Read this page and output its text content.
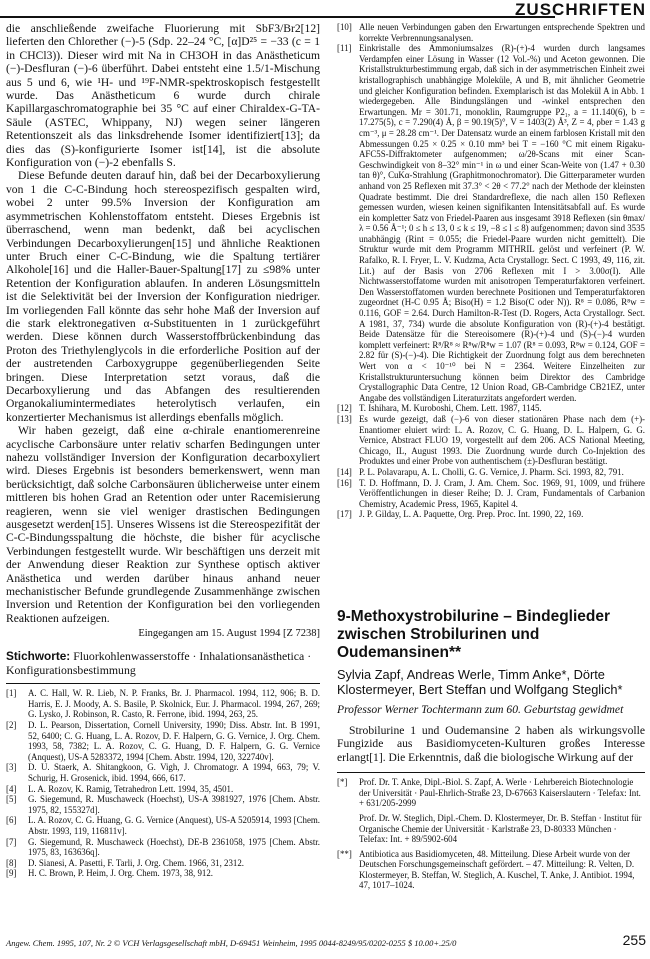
ZUSCHRIFTEN

die anschließende zweifache Fluorierung mit SbF3/Br2[12] lieferten den Chlorether (−)-5 (Sdp. 22–24 °C, [α]D²⁵ = −33 (c = 1 in CHCl3)). Dieser wird mit Na in CH3OH in das Anästheticum (−)-Desfluran (−)-6 überführt. Dabei entsteht eine 1.5/1-Mischung aus 5 und 6, wie ¹H- und ¹⁹F-NMR-spektroskopisch festgestellt wurde. Das Anästheticum 6 wurde durch chirale Kapillargaschromatographie bei 35 °C auf einer Chiraldex-G-TA-Säule (ASTEC, Whippany, NJ) wegen seiner längeren Retentionszeit als das linksdrehende Isomer identifiziert[13]; da dies das (S)-konfigurierte Isomer ist[14], ist die absolute Konfiguration von (−)-2 ebenfalls S.

Diese Befunde deuten darauf hin, daß bei der Decarboxylierung von 1 die C-C-Bindung hoch stereospezifisch gespalten wird, wobei 2 unter 99.5% Inversion der Konfiguration am asymmetrischen Kohlenstoffatom entsteht. Dieses Ergebnis ist überraschend, wenn man bedenkt, daß bei acyclischen Verbindungen Decarboxylierungen[15] und ähnliche Reaktionen unter Bruch einer C-C-Bindung, wie die Spaltung tertiärer Alkohole[16] und die Haller-Bauer-Spaltung[17] zu ≤98% unter Retention der Konfiguration ablaufen. In anderen Lösungsmitteln ist die Selektivität bei der Inversion der Konfiguration niedriger. Im vorliegenden Fall könnte das sehr hohe Maß der Inversion auf die stark elektronegativen α-Substituenten in 1 zurückgeführt werden. Diese können durch Wasserstoffbrückenbindung das Proton des Triethylenglycols in die erforderliche Position auf der der austretenden Carboxygruppe gegenüberliegenden Seite bringen. Diese Interpretation setzt voraus, daß die Decarboxylierung und das Abfangen des resultierenden Organokaliumintermediates heterolytisch verlaufen, ein konzertierter Mechanismus ist allerdings ebenfalls möglich.

Wir haben gezeigt, daß eine α-chirale enantiomerenreine acyclische Carbonsäure unter relativ scharfen Bedingungen unter nahezu vollständiger Inversion der Konfiguration decarboxyliert wird. Dieses Ergebnis ist besonders bemerkenswert, wenn man berücksichtigt, daß solche Carbonsäuren üblicherweise unter einem mittleren bis hohen Grad an Retention oder unter Racemisierung reagieren, wenn sie viel weniger drastischen Bedingungen ausgesetzt werden[15]. Unseres Wissens ist die Stereospezifität der C-C-Bindungsspaltung die höchste, die bisher für acyclische Verbindungen festgestellt wurde. Wir beschäftigen uns derzeit mit der Anwendung dieser Reaktion zur Synthese optisch aktiver Anästhetica und werden darüber hinaus anhand neuer mechanistischer Befunde grundlegende Zusammenhänge zwischen Inversion und Retention der Konfiguration bei den vorliegenden Reaktionen aufzeigen.

Eingegangen am 15. August 1994 [Z 7238]
Stichworte: Fluorkohlenwasserstoffe · Inhalationsanästhetica · Konfigurationsbestimmung
[1] A. C. Hall, W. R. Lieb, N. P. Franks, Br. J. Pharmacol. 1994, 112, 906; B. D. Harris, E. J. Moody, A. S. Basile, P. Skolnick, Eur. J. Pharmacol. 1994, 267, 269; G. Lysko, J. Robinson, R. Casto, R. Ferrone, ibid. 1994, 263, 25.
[2] D. L. Pearson, Dissertation, Cornell University, 1990; Diss. Abstr. Int. B 1991, 52, 6400; C. G. Huang, L. A. Rozov, D. F. Halpern, G. G. Vernice, J. Org. Chem. 1993, 58, 7382; L. A. Rozov, C. G. Huang, D. F. Halpern, G. G. Vernice (Anquest), US-A 5283372, 1994 [Chem. Abstr. 1994, 120, 322740v].
[3] D. U. Staerk, A. Shitangkoon, G. Vigh, J. Chromatogr. A 1994, 663, 79; V. Schurig, H. Grosenick, ibid. 1994, 666, 617.
[4] L. A. Rozov, K. Ramig, Tetrahedron Lett. 1994, 35, 4501.
[5] G. Siegemund, R. Muschaweck (Hoechst), US-A 3981927, 1976 [Chem. Abstr. 1975, 82, 155327d].
[6] L. A. Rozov, C. G. Huang, G. G. Vernice (Anquest), US-A 5205914, 1993 [Chem. Abstr. 1993, 119, 116811v].
[7] G. Siegemund, R. Muschaweck (Hoechst), DE-B 2361058, 1975 [Chem. Abstr. 1975, 83, 163636q].
[8] D. Sianesi, A. Pasetti, F. Tarli, J. Org. Chem. 1966, 31, 2312.
[9] H. C. Brown, P. Heim, J. Org. Chem. 1973, 38, 912.
[10] Alle neuen Verbindungen gaben den Erwartungen entsprechende Spektren und korrekte Verbrennungsanalysen.
[11] Einkristalle des Ammoniumsalzes (R)-(+)-4 wurden durch langsames Verdampfen einer Lösung in Wasser (12 Vol.-%) und Aceton gewonnen. Die Kristallstrukturbestimmung ergab, daß sich in der asymmetrischen Einheit zwei kristallographisch unabhängige Moleküle, A und B, mit ähnlicher Geometrie und gleicher Konfiguration befinden. Exemplarisch ist das Molekül A in Abb. 1 wiedergegeben. Alle Bindungslängen und -winkel entsprechen den Erwartungen. Mr = 301.71, monoklin, Raumgruppe P2₁, a = 11.140(6), b = 17.275(5), c = 7.290(4) Å, β = 90.19(5)°, V = 1403(2) Å³, Z = 4, ρber = 1.43 g cm⁻³, μ = 28.28 cm⁻¹. Der Datensatz wurde an einem farblosen Kristall mit den Abmessungen 0.25 × 0.25 × 0.10 mm³ bei T = −160 °C mit einem Rigaku-AFC5S-Diffraktometer aufgenommen; ω/2θ-Scans mit einer Scan-Geschwindigkeit von 8–32° min⁻¹ in ω und einer Scan-Weite von (1.47 + 0.30 tan θ)°, CuKα-Strahlung (Graphitmonochromator). Die Gitterparameter wurden anhand von 25 Reflexen mit 37.3° < 2θ < 77.2° nach der Methode der kleinsten Quadrate bestimmt. Die drei Standardreflexe, die nach allen 150 Reflexen gemessen wurden, wiesen keinen signifikanten Intensitätsabfall auf. Es wurde ein kompletter Satz von Friedel-Paaren aus insgesamt 3918 Reflexen (sin θmax/λ = 0.56 Å⁻¹; 0 ≤ h ≤ 13, 0 ≤ k ≤ 19, −8 ≤ l ≤ 8) aufgenommen; davon sind 3535 unabhängig (Rint = 0.055; die Friedel-Paare wurden nicht gemittelt). Die Struktur wurde mit dem Programm MITHRIL gelöst und verfeinert (P. W. Rafalko, R. I. Fryer, L. V. Kudzma, Acta Crystallogr. Sect. C 1993, 49, 116, zit. Lit.) auf der Basis von 2706 Reflexen mit I > 3.00σ(I). Alle Nichtwasserstoffatome wurden mit anisotropen Temperaturfaktoren verfeinert. Den Wasserstoffatomen wurden berechnete Positionen und Temperaturfaktoren zugeordnet (H-C 0.95 Å; Biso(H) = 1.2 Biso(C oder N)). R⁸ = 0.086, R⁸w = 0.116, GOF = 2.64. Durch Hamilton-R-Test (D. Rogers, Acta Crystallogr. Sect. A 1981, 37, 734) wurde die absolute Konfiguration von (R)-(+)-4 bestätigt. Beide Datensätze für die Stereoisomere (R)-(+)-4 und (S)-(−)-4 wurden komplett verfeinert: R⁸/R⁸ ≈ R⁸w/R⁸w = 1.07 (R⁸ = 0.093, R⁸w = 0.124, GOF = 2.82 für (S)-(−)-4). Die Richtigkeit der Zuordnung folgt aus dem berechneten Wert von α < 10⁻¹⁰ bei N = 2364. Weitere Einzelheiten zur Kristallstrukturuntersuchung können beim Direktor des Cambridge Crystallographic Data Centre, 12 Union Road, GB-Cambridge CB21EZ, unter Angabe des vollständigen Literaturzitats angefordert werden.
[12] T. Ishihara, M. Kuroboshi, Chem. Lett. 1987, 1145.
[13] Es wurde gezeigt, daß (−)-6 von dieser stationären Phase nach dem (+)-Enantiomer eluiert wird: L. A. Rozov, C. G. Huang, D. L. Halpern, G. G. Vernice, Abstract FLUO 19, vorgestellt auf dem 206. ACS National Meeting, Chicago, IL, August 1993. Die Zuordnung wurde durch Co-Injektion des Produktes und einer Probe von authentischem (±)-Desfluran bestätigt.
[14] P. L. Polavarapu, A. L. Cholli, G. G. Vernice, J. Pharm. Sci. 1993, 82, 791.
[16] T. D. Hoffmann, D. J. Cram, J. Am. Chem. Soc. 1969, 91, 1009, und frühere Veröffentlichungen in dieser Reihe; D. J. Cram, Fundamentals of Carbanion Chemistry, Academic Press, 1965, Kapitel 4.
[17] J. P. Gilday, L. A. Paquette, Org. Prep. Proc. Int. 1990, 22, 169.
9-Methoxystrobilurine – Bindeglieder zwischen Strobilurinen und Oudemansinen**
Sylvia Zapf, Andreas Werle, Timm Anke*, Dörte Klostermeyer, Bert Steffan und Wolfgang Steglich*
Professor Werner Tochtermann zum 60. Geburtstag gewidmet

Strobilurine 1 und Oudemansine 2 haben als wirkungsvolle Fungizide aus Basidiomyceten-Kulturen großes Interesse erlangt[1]. Die Erkenntnis, daß die biologische Wirkung auf der

[*] Prof. Dr. T. Anke, Dipl.-Biol. S. Zapf, A. Werle · Lehrbereich Biotechnologie der Universität · Paul-Ehrlich-Straße 23, D-67663 Kaiserslautern · Telefax: Int. + 631/205-2999
Prof. Dr. W. Steglich, Dipl.-Chem. D. Klostermeyer, Dr. B. Steffan · Institut für Organische Chemie der Universität · Karlstraße 23, D-80333 München · Telefax: Int. + 89/5902-604
[**] Antibiotica aus Basidiomyceten, 48. Mitteilung. Diese Arbeit wurde von der Deutschen Forschungsgemeinschaft gefördert. – 47. Mitteilung: R. Velten, D. Klostermeyer, B. Steffan, W. Steglich, A. Kuschel, T. Anke, J. Antibiot. 1994, 47, 1017–1024.
Angew. Chem. 1995, 107, Nr. 2 © VCH Verlagsgesellschaft mbH, D-69451 Weinheim, 1995 0044-8249/95/0202-0255 $ 10.00+.25/0	255
